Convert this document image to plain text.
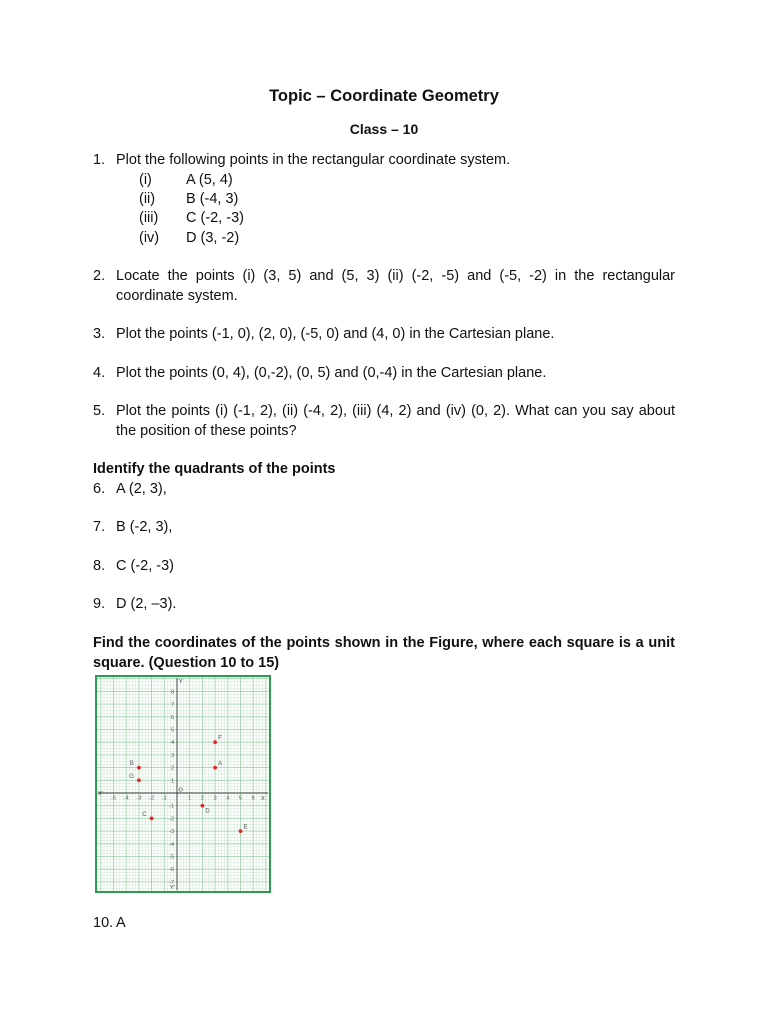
Topic – Coordinate Geometry
Class – 10
1. Plot the following points in the rectangular coordinate system.
(i)	A (5, 4)
(ii)	B (-4, 3)
(iii)	C (-2, -3)
(iv)	D (3, -2)
2. Locate the points (i) (3, 5) and (5, 3) (ii) (-2, -5) and (-5, -2) in the rectangular coordinate system.
3. Plot the points (-1, 0), (2, 0), (-5, 0) and (4, 0) in the Cartesian plane.
4. Plot the points (0, 4), (0,-2), (0, 5) and (0,-4) in the Cartesian plane.
5. Plot the points (i) (-1, 2), (ii) (-4, 2), (iii) (4, 2) and (iv) (0, 2). What can you say about the position of these points?
Identify the quadrants of the points
6. A (2, 3),
7. B (-2, 3),
8. C (-2, -3)
9. D (2, –3).
Find the coordinates of the points shown in the Figure, where each square is a unit square. (Question 10 to 15)
X
X'
Y
Y'
O
-5 -4 -3 -2 -1	1 2 3 4 5 6
8
7
6
5
4
3
2
1
-1
-2
-3
-4
-5
-6
-7
F
A
B
G
D
C
E
10. A
